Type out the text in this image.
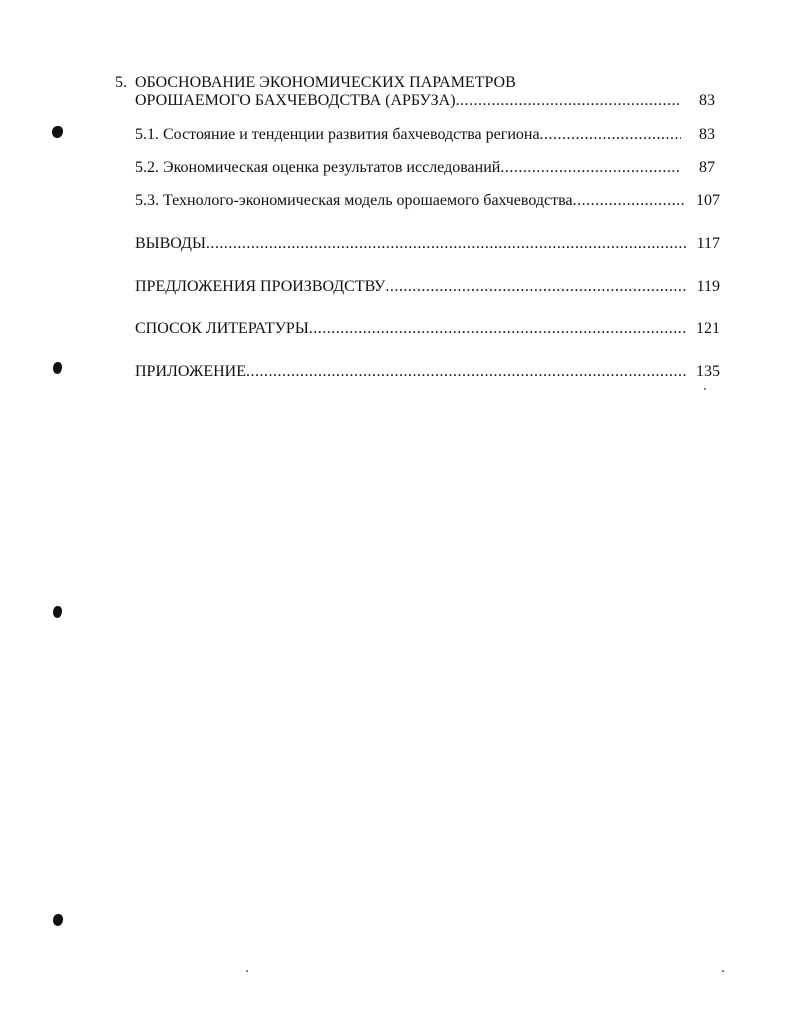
5. ОБОСНОВАНИЕ ЭКОНОМИЧЕСКИХ ПАРАМЕТРОВ
ОРОШАЕМОГО БАХЧЕВОДСТВА (АРБУЗА) .....	83
5.1. Состояние и тенденции развития бахчеводства региона .....	83
5.2. Экономическая оценка результатов исследований .....	87
5.3. Технолого-экономическая модель орошаемого бахчеводства .....	107
ВЫВОДЫ .....	117
ПРЕДЛОЖЕНИЯ ПРОИЗВОДСТВУ .....	119
СПОСОК ЛИТЕРАТУРЫ .....	121
ПРИЛОЖЕНИЕ .....	135
